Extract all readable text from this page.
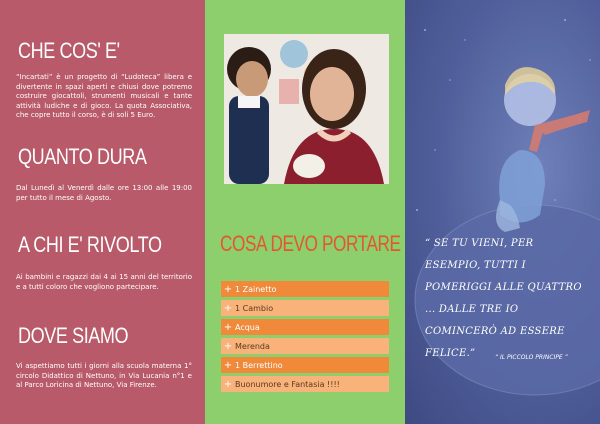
CHE COS' E'
“Incartati” è un progetto di “Ludoteca” libera e divertente in spazi aperti e chiusi dove potremo costruire giocattoli, strumenti musicali e tante attività ludiche e di gioco. La quota Associativa, che copre tutto il corso, è di soli 5 Euro.
QUANTO DURA
Dal Lunedì al Venerdì dalle ore 13:00 alle 19:00 per tutto il mese di Agosto.
A CHI E' RIVOLTO
Ai bambini e ragazzi dai 4 ai 15 anni del territorio e a tutti coloro che vogliono partecipare.
DOVE SIAMO
Vi aspettiamo tutti i giorni alla scuola materna 1° circolo Didattico di Nettuno, in Via Lucania n°1 e al Parco Loricina di Nettuno, Via Firenze.
COSA DEVO PORTARE
+ 1 Zainetto
+ 1 Cambio
+ Acqua
+ Merenda
+ 1 Berrettino
+ Buonumore e Fantasia !!!!
“ SE TU VIENI, PER ESEMPIO, TUTTI I POMERIGGI ALLE QUATTRO ... DALLE TRE IO COMINCERÒ AD ESSERE FELICE.”	“ IL PICCOLO PRINCIPE ”
